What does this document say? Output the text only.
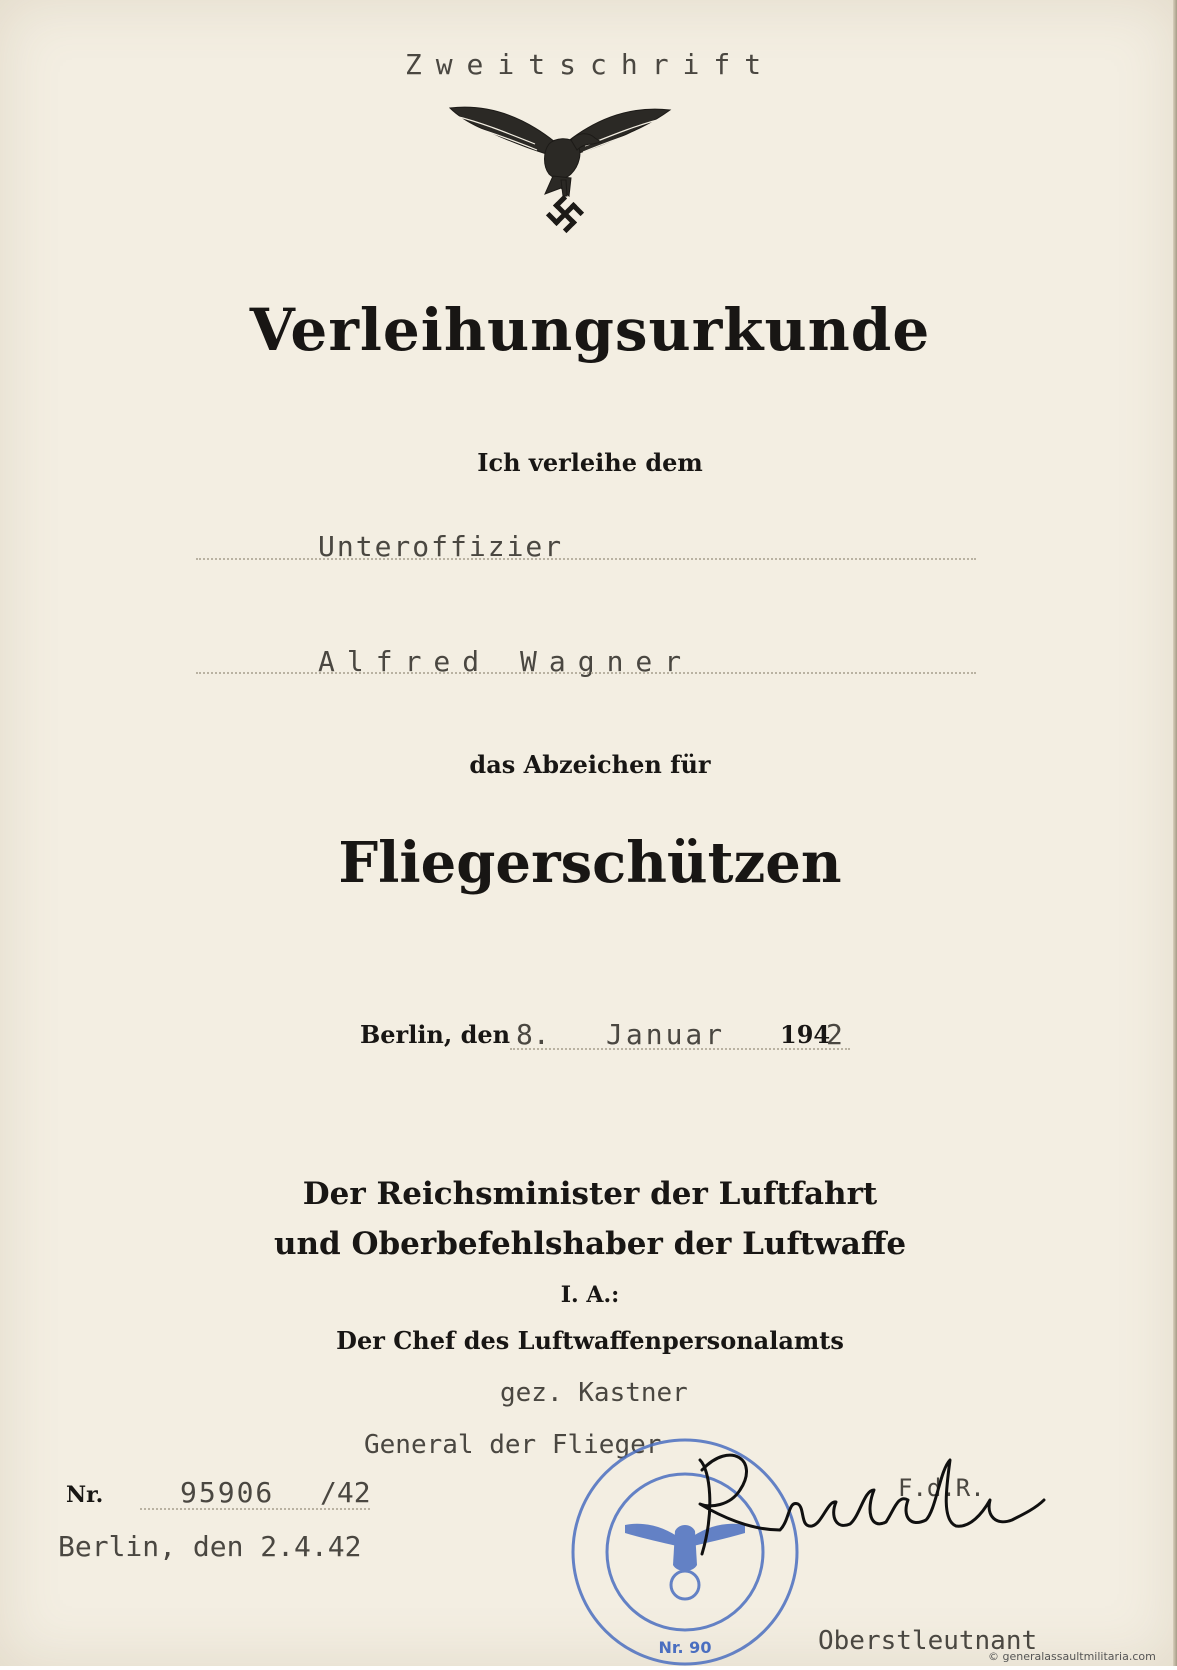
Zweitschrift
Verleihungsurkunde
Ich verleihe dem
Unteroffizier
Alfred Wagner
das Abzeichen für
Fliegerschützen
Berlin, den 8. Januar 194
2
Der Reichsminister der Luftfahrt
und Oberbefehlshaber der Luftwaffe
I. A.:
Der Chef des Luftwaffenpersonalamts
gez. Kastner
General der Flieger
F.d.R.
Nr.	95906 /42
Berlin, den 2.4.42
Nr. 90	Oberstleutnant
© generalassaultmilitaria.com
